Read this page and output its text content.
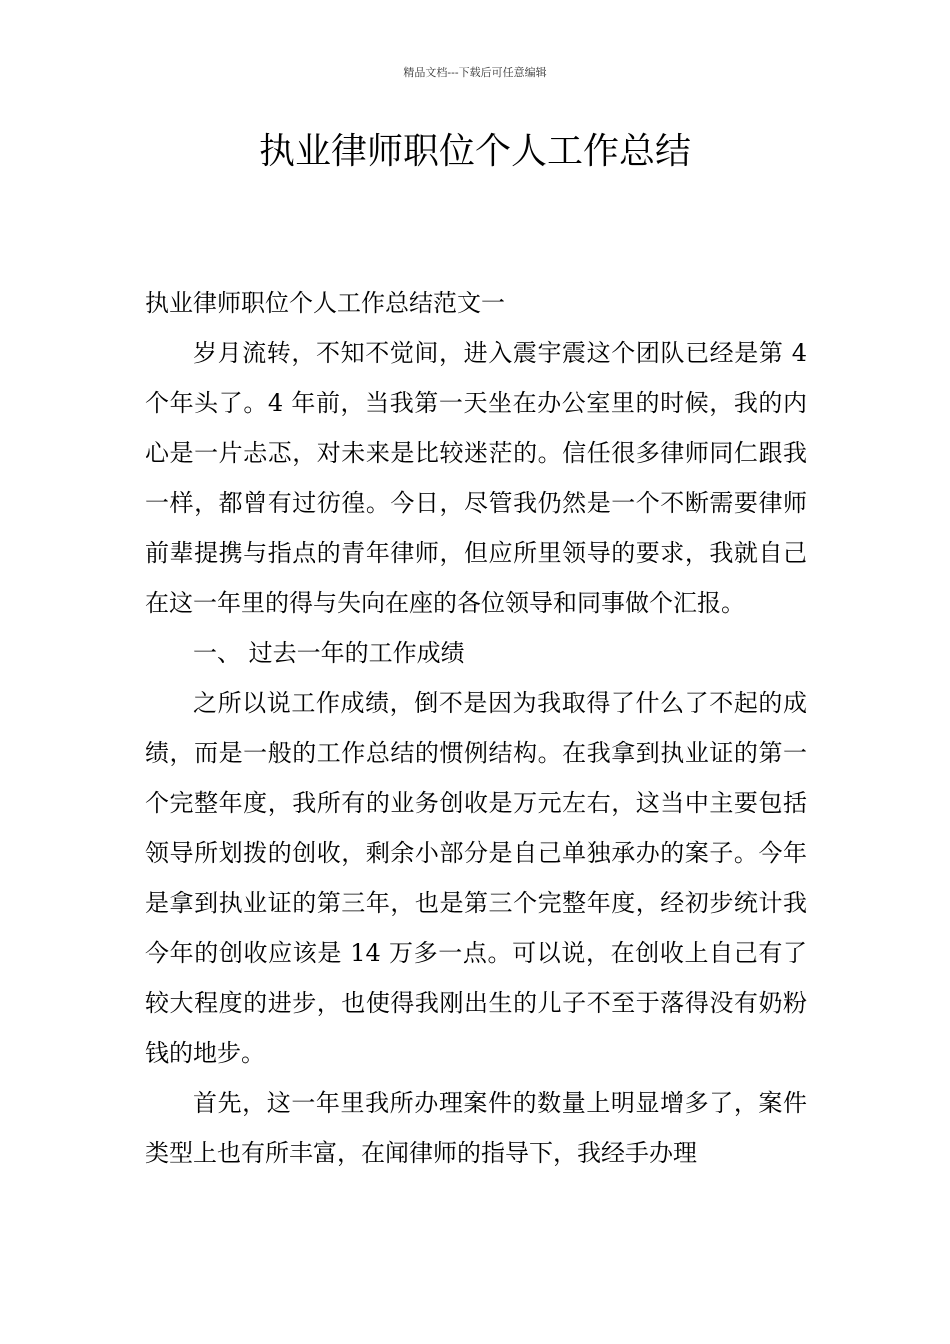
精品文档---下载后可任意编辑
执业律师职位个人工作总结

执业律师职位个人工作总结范文一

岁月流转，不知不觉间，进入震宇震这个团队已经是第 4 个年头了。4 年前，当我第一天坐在办公室里的时候，我的内心是一片忐忑，对未来是比较迷茫的。信任很多律师同仁跟我一样，都曾有过彷徨。今日，尽管我仍然是一个不断需要律师前辈提携与指点的青年律师，但应所里领导的要求，我就自己在这一年里的得与失向在座的各位领导和同事做个汇报。

一、 过去一年的工作成绩

之所以说工作成绩，倒不是因为我取得了什么了不起的成绩，而是一般的工作总结的惯例结构。在我拿到执业证的第一个完整年度，我所有的业务创收是万元左右，这当中主要包括领导所划拨的创收，剩余小部分是自己单独承办的案子。今年是拿到执业证的第三年，也是第三个完整年度，经初步统计我今年的创收应该是 14 万多一点。可以说，在创收上自己有了较大程度的进步，也使得我刚出生的儿子不至于落得没有奶粉钱的地步。

首先，这一年里我所办理案件的数量上明显增多了，案件类型上也有所丰富，在闻律师的指导下，我经手办理
